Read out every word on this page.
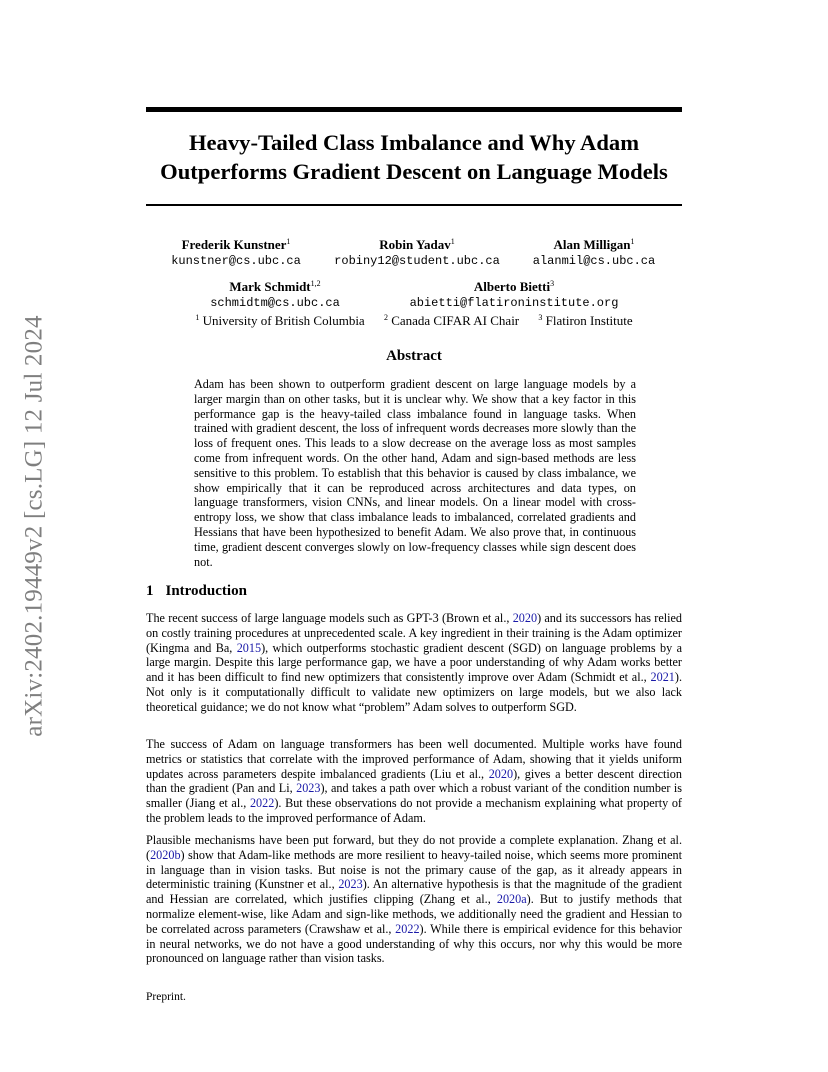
arXiv:2402.19449v2 [cs.LG] 12 Jul 2024
Heavy-Tailed Class Imbalance and Why Adam Outperforms Gradient Descent on Language Models
Frederik Kunstner$^1$
kunstner@cs.ubc.ca
Robin Yadav$^1$
robiny12@student.ubc.ca
Alan Milligan$^1$
alanmil@cs.ubc.ca
Mark Schmidt$^{1,2}$
schmidtm@cs.ubc.ca
Alberto Bietti$^3$
abietti@flatironinstitute.org
$^1$ University of British Columbia $^2$ Canada CIFAR AI Chair $^3$ Flatiron Institute
Abstract
Adam has been shown to outperform gradient descent on large language models by a larger margin than on other tasks, but it is unclear why. We show that a key factor in this performance gap is the heavy-tailed class imbalance found in language tasks. When trained with gradient descent, the loss of infrequent words decreases more slowly than the loss of frequent ones. This leads to a slow decrease on the average loss as most samples come from infrequent words. On the other hand, Adam and sign-based methods are less sensitive to this problem. To establish that this behavior is caused by class imbalance, we show empirically that it can be reproduced across architectures and data types, on language transformers, vision CNNs, and linear models. On a linear model with cross-entropy loss, we show that class imbalance leads to imbalanced, correlated gradients and Hessians that have been hypothesized to benefit Adam. We also prove that, in continuous time, gradient descent converges slowly on low-frequency classes while sign descent does not.
1 Introduction

The recent success of large language models such as GPT-3 (Brown et al., 2020) and its successors has relied on costly training procedures at unprecedented scale. A key ingredient in their training is the Adam optimizer (Kingma and Ba, 2015), which outperforms stochastic gradient descent (SGD) on language problems by a large margin. Despite this large performance gap, we have a poor understanding of why Adam works better and it has been difficult to find new optimizers that consistently improve over Adam (Schmidt et al., 2021). Not only is it computationally difficult to validate new optimizers on large models, but we also lack theoretical guidance; we do not know what “problem” Adam solves to outperform SGD.

The success of Adam on language transformers has been well documented. Multiple works have found metrics or statistics that correlate with the improved performance of Adam, showing that it yields uniform updates across parameters despite imbalanced gradients (Liu et al., 2020), gives a better descent direction than the gradient (Pan and Li, 2023), and takes a path over which a robust variant of the condition number is smaller (Jiang et al., 2022). But these observations do not provide a mechanism explaining what property of the problem leads to the improved performance of Adam.

Plausible mechanisms have been put forward, but they do not provide a complete explanation. Zhang et al. (2020b) show that Adam-like methods are more resilient to heavy-tailed noise, which seems more prominent in language than in vision tasks. But noise is not the primary cause of the gap, as it already appears in deterministic training (Kunstner et al., 2023). An alternative hypothesis is that the magnitude of the gradient and Hessian are correlated, which justifies clipping (Zhang et al., 2020a). But to justify methods that normalize element-wise, like Adam and sign-like methods, we additionally need the gradient and Hessian to be correlated across parameters (Crawshaw et al., 2022). While there is empirical evidence for this behavior in neural networks, we do not have a good understanding of why this occurs, nor why this would be more pronounced on language rather than vision tasks.

Preprint.
